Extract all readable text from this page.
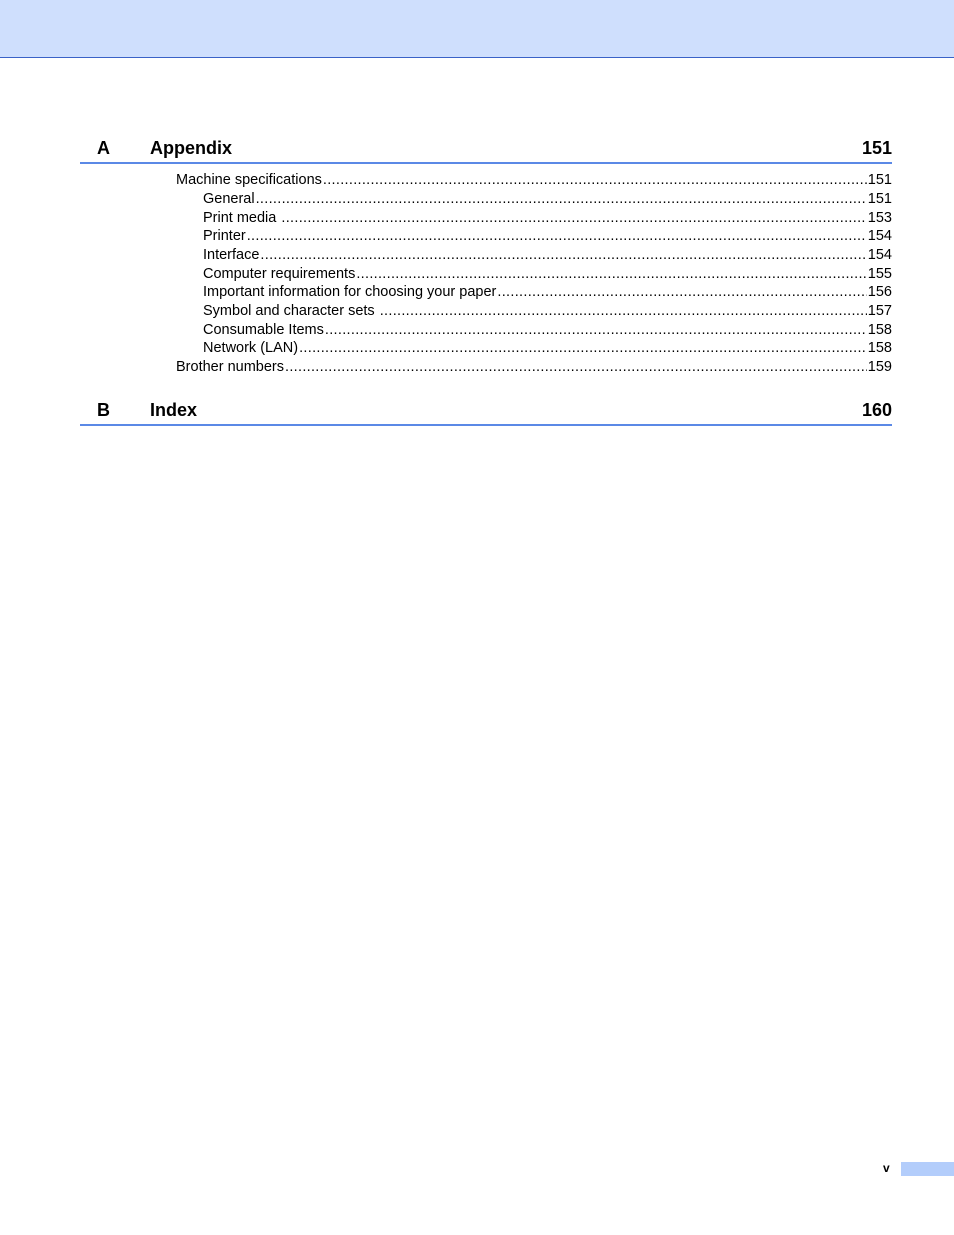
A Appendix	151
Machine specifications .....	151
General .....	151
Print media .....	153
Printer .....	154
Interface .....	154
Computer requirements .....	155
Important information for choosing your paper .....	156
Symbol and character sets .....	157
Consumable Items .....	158
Network (LAN) .....	158
Brother numbers .....	159
B Index	160
v
